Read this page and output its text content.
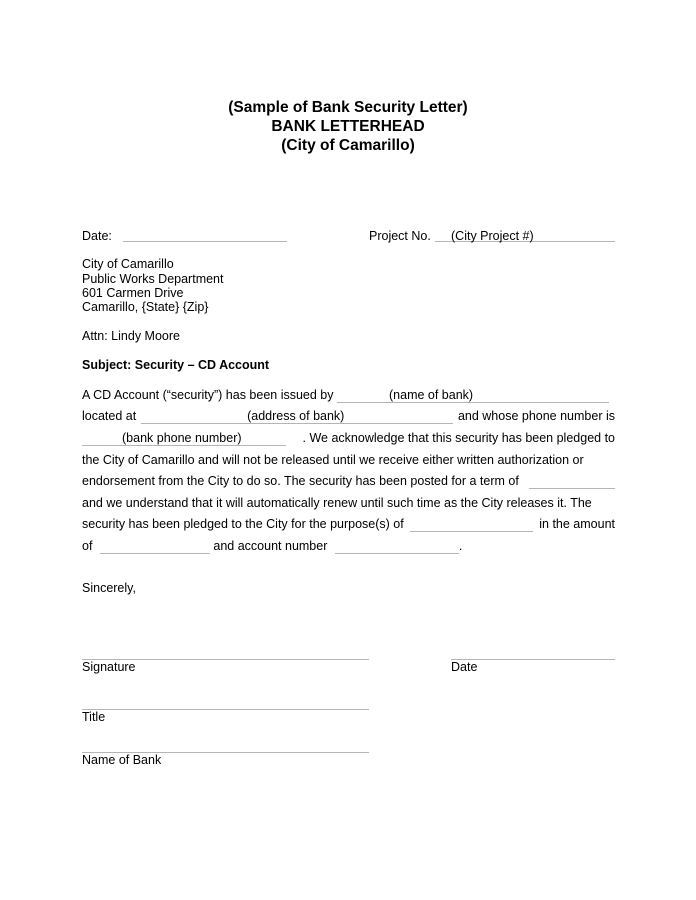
(Sample of Bank Security Letter)
BANK LETTERHEAD
(City of Camarillo)
Date:	Project No. (City Project #)
City of Camarillo
Public Works Department
601 Carmen Drive
Camarillo, {State} {Zip}
Attn: Lindy Moore
Subject: Security – CD Account
A CD Account (“security”) has been issued by	(name of bank)
located at	(address of bank)	and whose phone number is
(bank phone number)	. We acknowledge that this security has been pledged to
the City of Camarillo and will not be released until we receive either written authorization or
endorsement from the City to do so. The security has been posted for a term of

and we understand that it will automatically renew until such time as the City releases it. The
security has been pledged to the City for the purpose(s) of
	in the amount
of	and account number	.
Sincerely,
Signature	Date
Title
Name of Bank
